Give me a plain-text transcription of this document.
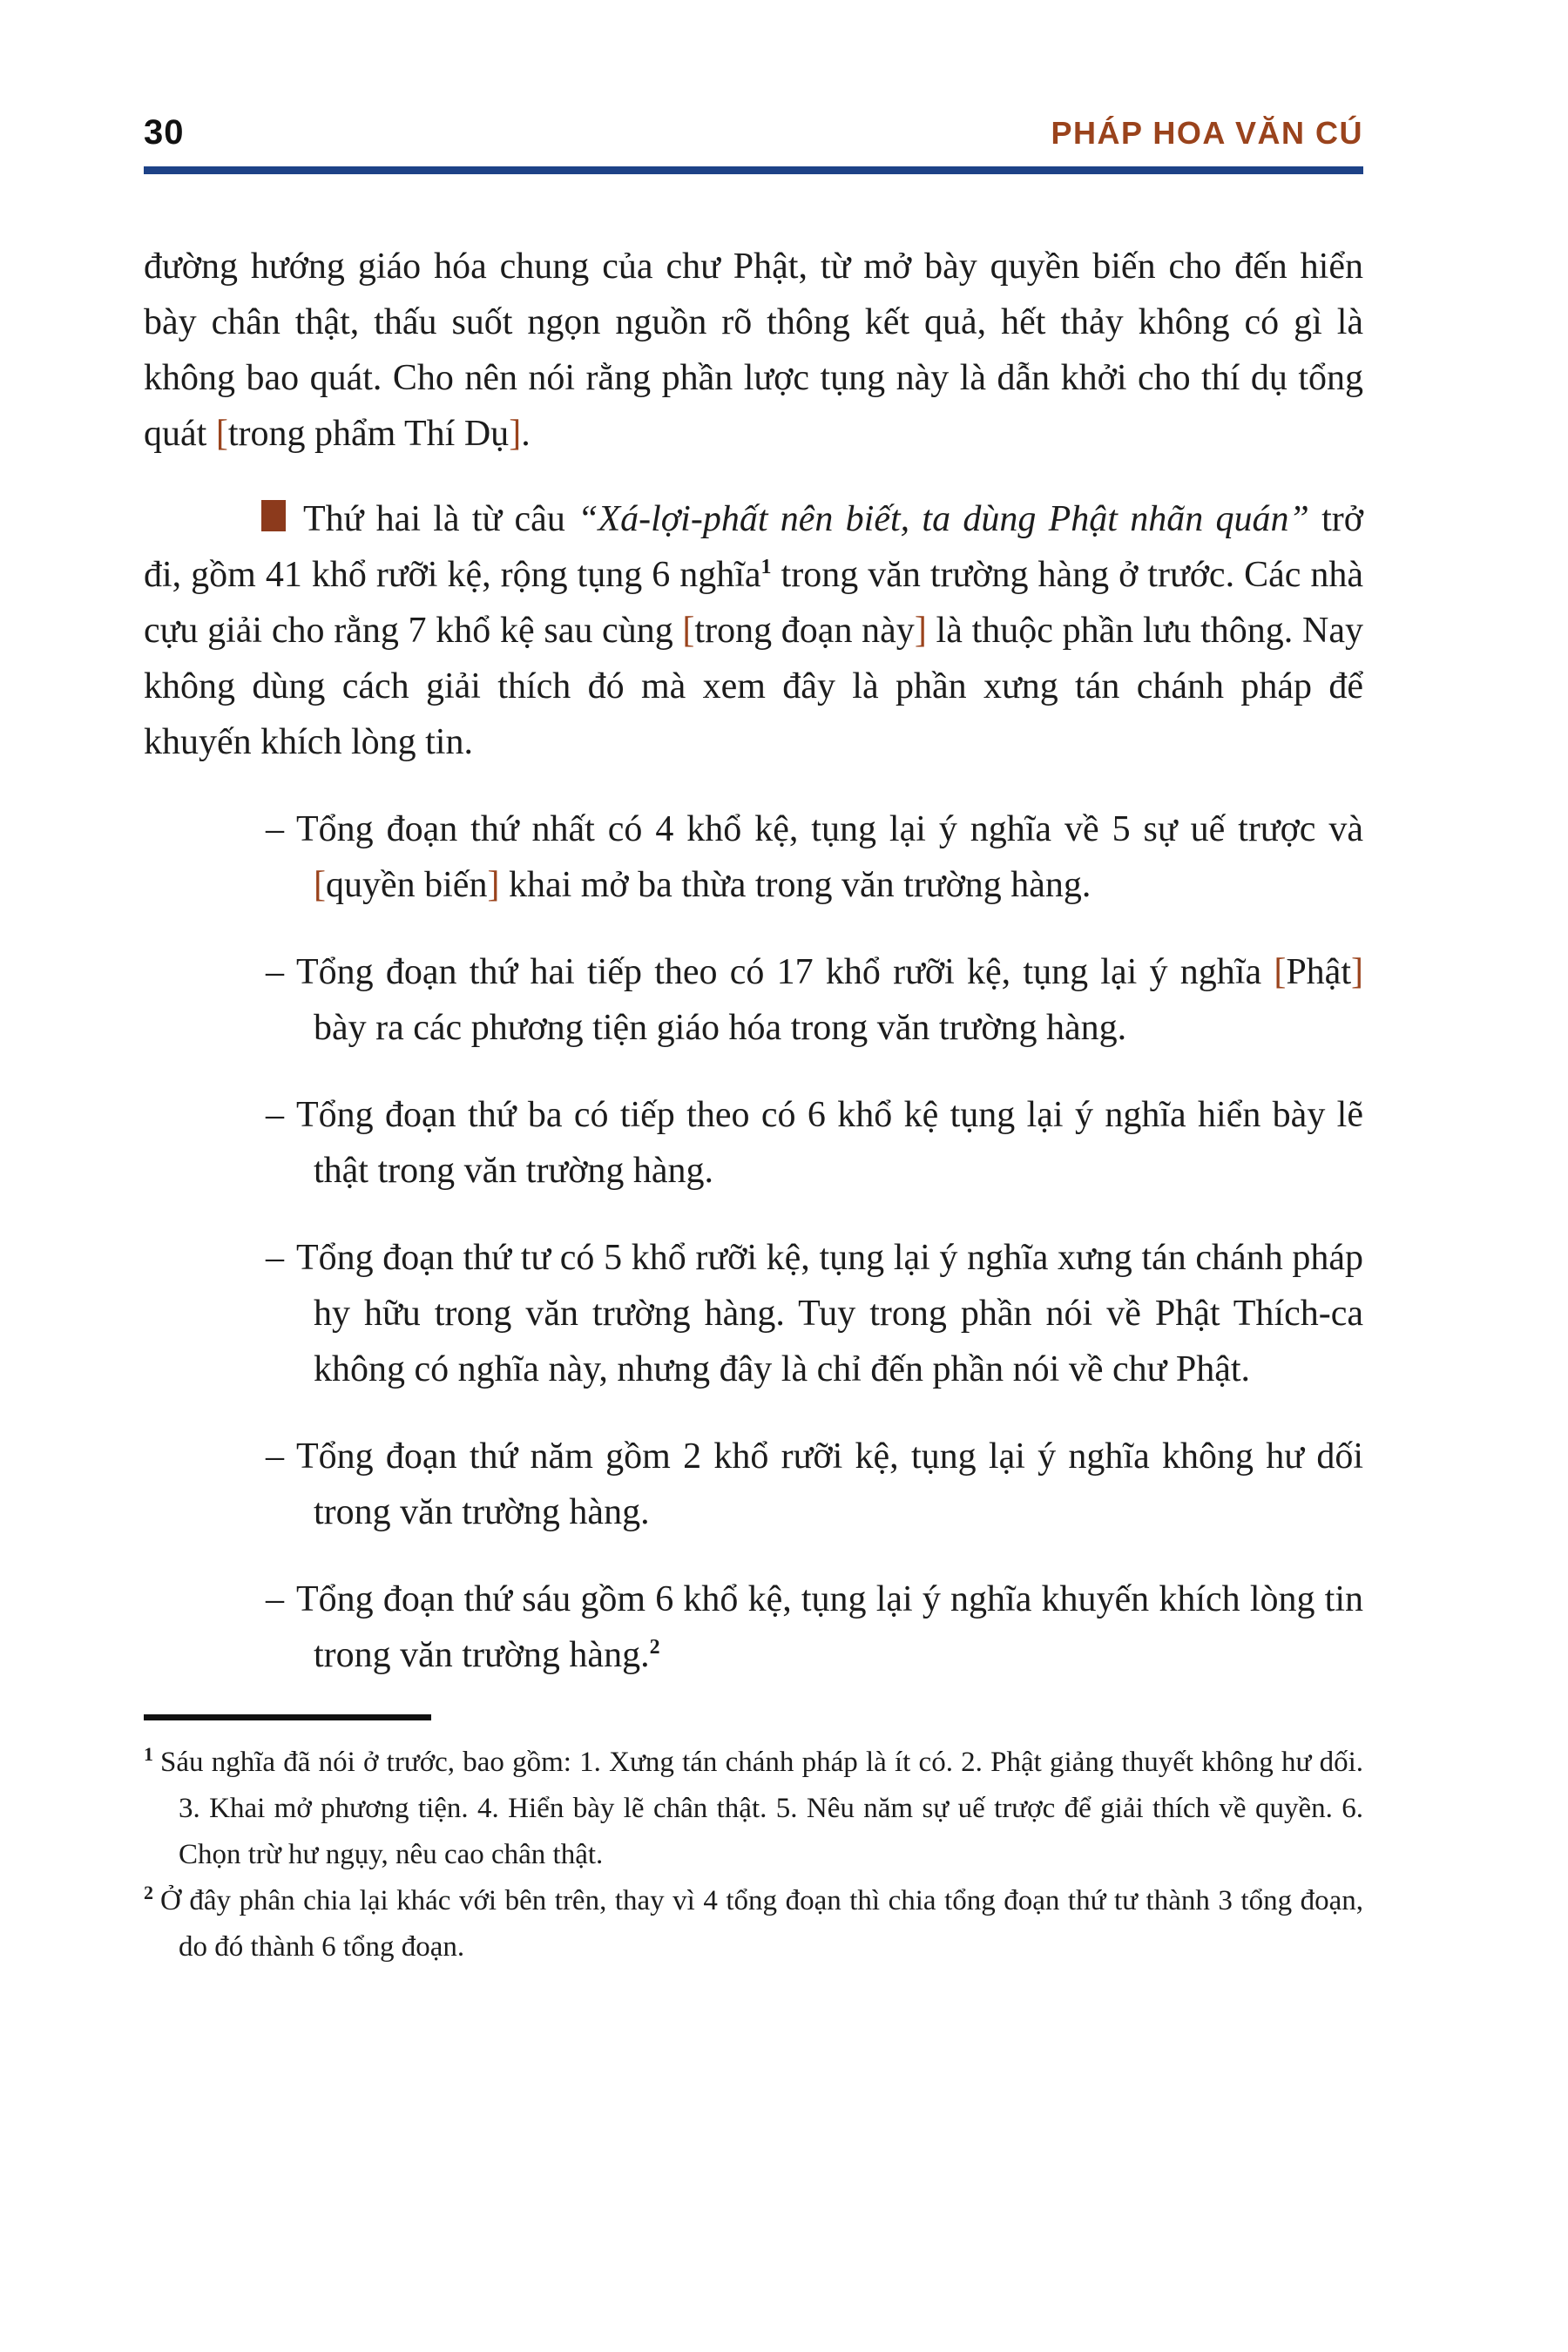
30	PHÁP HOA VĂN CÚ
đường hướng giáo hóa chung của chư Phật, từ mở bày quyền biến cho đến hiển bày chân thật, thấu suốt ngọn nguồn rõ thông kết quả, hết thảy không có gì là không bao quát. Cho nên nói rằng phần lược tụng này là dẫn khởi cho thí dụ tổng quát [trong phẩm Thí Dụ].
Thứ hai là từ câu “Xá-lợi-phất nên biết, ta dùng Phật nhãn quán” trở đi, gồm 41 khổ rưỡi kệ, rộng tụng 6 nghĩa$^1$ trong văn trường hàng ở trước. Các nhà cựu giải cho rằng 7 khổ kệ sau cùng [trong đoạn này] là thuộc phần lưu thông. Nay không dùng cách giải thích đó mà xem đây là phần xưng tán chánh pháp để khuyến khích lòng tin.
– Tổng đoạn thứ nhất có 4 khổ kệ, tụng lại ý nghĩa về 5 sự uế trược và [quyền biến] khai mở ba thừa trong văn trường hàng.
– Tổng đoạn thứ hai tiếp theo có 17 khổ rưỡi kệ, tụng lại ý nghĩa [Phật] bày ra các phương tiện giáo hóa trong văn trường hàng.
– Tổng đoạn thứ ba có tiếp theo có 6 khổ kệ tụng lại ý nghĩa hiển bày lẽ thật trong văn trường hàng.
– Tổng đoạn thứ tư có 5 khổ rưỡi kệ, tụng lại ý nghĩa xưng tán chánh pháp hy hữu trong văn trường hàng. Tuy trong phần nói về Phật Thích-ca không có nghĩa này, nhưng đây là chỉ đến phần nói về chư Phật.
– Tổng đoạn thứ năm gồm 2 khổ rưỡi kệ, tụng lại ý nghĩa không hư dối trong văn trường hàng.
– Tổng đoạn thứ sáu gồm 6 khổ kệ, tụng lại ý nghĩa khuyến khích lòng tin trong văn trường hàng.$^2$
$^1$ Sáu nghĩa đã nói ở trước, bao gồm: 1. Xưng tán chánh pháp là ít có. 2. Phật giảng thuyết không hư dối. 3. Khai mở phương tiện. 4. Hiển bày lẽ chân thật. 5. Nêu năm sự uế trược để giải thích về quyền. 6. Chọn trừ hư ngụy, nêu cao chân thật.
$^2$ Ở đây phân chia lại khác với bên trên, thay vì 4 tổng đoạn thì chia tổng đoạn thứ tư thành 3 tổng đoạn, do đó thành 6 tổng đoạn.
